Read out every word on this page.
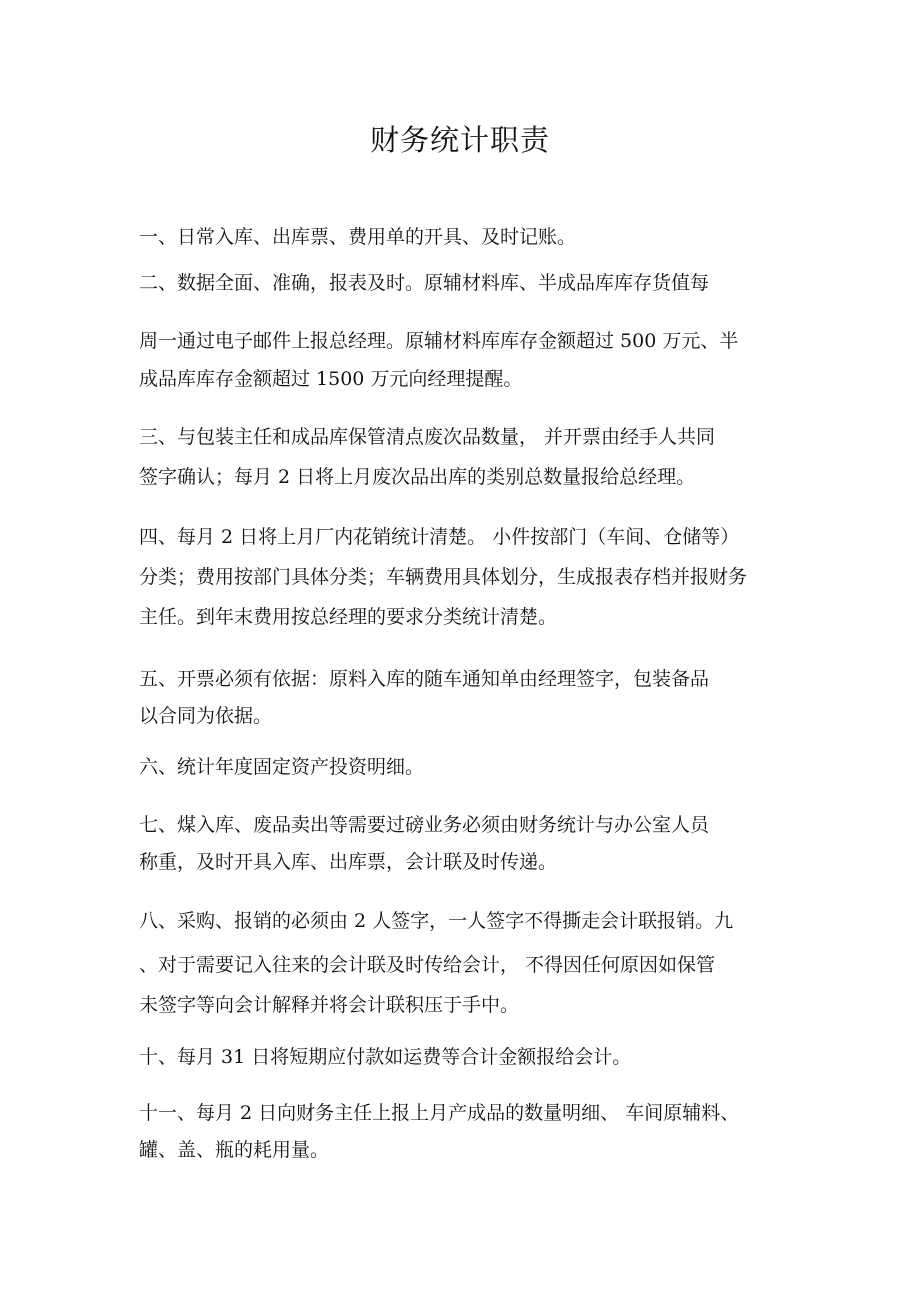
财务统计职责

一、日常入库、出库票、费用单的开具、及时记账。

二、数据全面、准确，报表及时。原辅材料库、半成品库库存货值每

周一通过电子邮件上报总经理。原辅材料库库存金额超过 500 万元、半

成品库库存金额超过 1500 万元向经理提醒。

三、与包装主任和成品库保管清点废次品数量， 并开票由经手人共同

签字确认；每月 2 日将上月废次品出库的类别总数量报给总经理。

四、每月 2 日将上月厂内花销统计清楚。 小件按部门（车间、仓储等）

分类；费用按部门具体分类；车辆费用具体划分，生成报表存档并报财务

主任。到年末费用按总经理的要求分类统计清楚。

五、开票必须有依据：原料入库的随车通知单由经理签字，包装备品

以合同为依据。

六、统计年度固定资产投资明细。

七、煤入库、废品卖出等需要过磅业务必须由财务统计与办公室人员

称重，及时开具入库、出库票，会计联及时传递。

八、采购、报销的必须由 2 人签字，一人签字不得撕走会计联报销。九

、对于需要记入往来的会计联及时传给会计， 不得因任何原因如保管

未签字等向会计解释并将会计联积压于手中。

十、每月 31 日将短期应付款如运费等合计金额报给会计。

十一、每月 2 日向财务主任上报上月产成品的数量明细、 车间原辅料、

罐、盖、瓶的耗用量。
